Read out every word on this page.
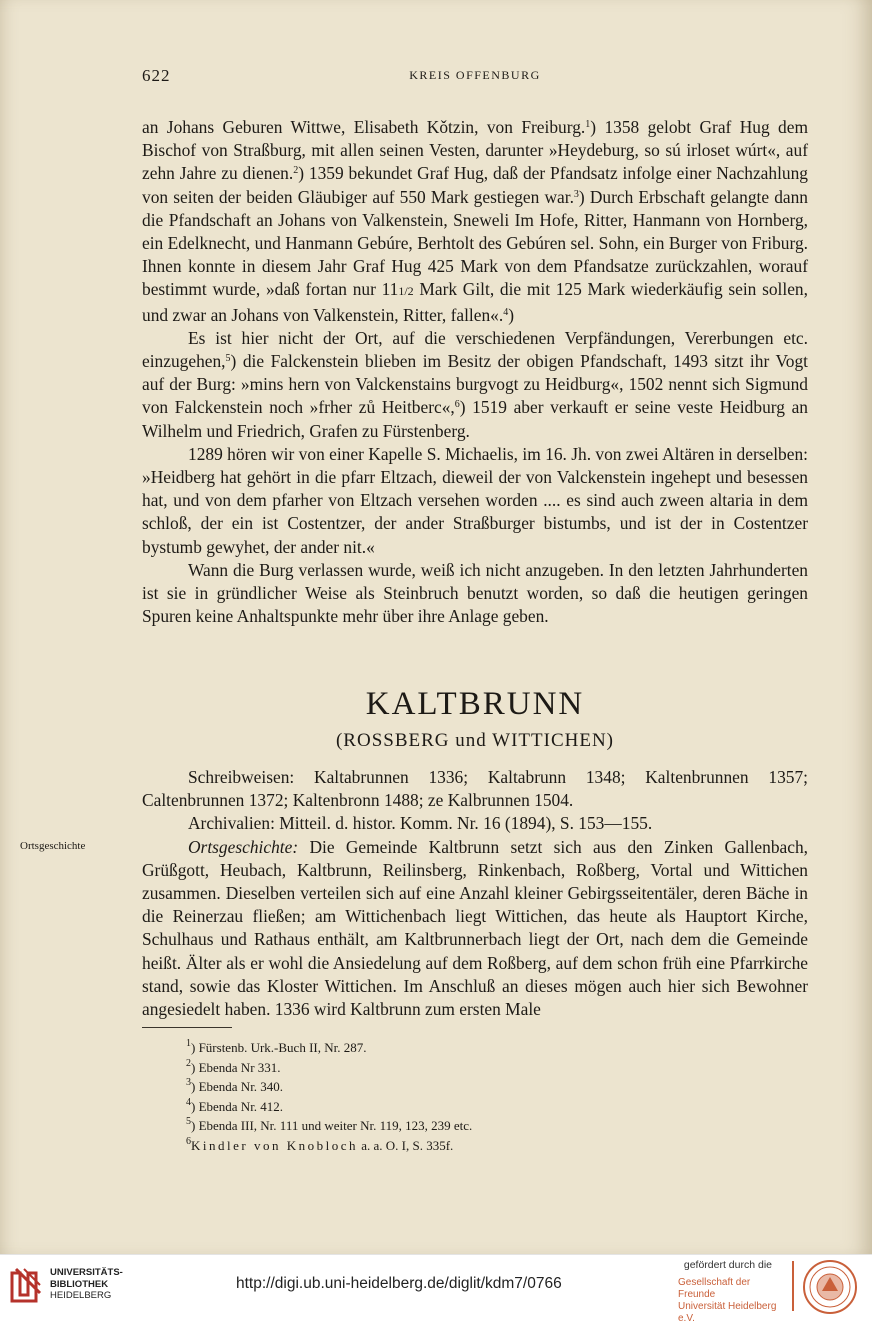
622	KREIS OFFENBURG

an Johans Geburen Wittwe, Elisabeth Kǒtzin, von Freiburg.$^1$) 1358 gelobt Graf Hug dem Bischof von Straßburg, mit allen seinen Vesten, darunter »Heydeburg, so sú irloset wúrt«, auf zehn Jahre zu dienen.$^2$) 1359 bekundet Graf Hug, daß der Pfandsatz infolge einer Nachzahlung von seiten der beiden Gläubiger auf 550 Mark gestiegen war.$^3$) Durch Erbschaft gelangte dann die Pfandschaft an Johans von Valkenstein, Sneweli Im Hofe, Ritter, Hanmann von Hornberg, ein Edelknecht, und Hanmann Gebúre, Berhtolt des Gebúren sel. Sohn, ein Burger von Friburg. Ihnen konnte in diesem Jahr Graf Hug 425 Mark von dem Pfandsatze zurückzahlen, worauf bestimmt wurde, »daß fortan nur 111/2 Mark Gilt, die mit 125 Mark wiederkäufig sein sollen, und zwar an Johans von Valkenstein, Ritter, fallen«.$^4$)

Es ist hier nicht der Ort, auf die verschiedenen Verpfändungen, Vererbungen etc. einzugehen,$^5$) die Falckenstein blieben im Besitz der obigen Pfandschaft, 1493 sitzt ihr Vogt auf der Burg: »mins hern von Valckenstains burgvogt zu Heidburg«, 1502 nennt sich Sigmund von Falckenstein noch »frher zů Heitberc«,$^6$) 1519 aber verkauft er seine veste Heidburg an Wilhelm und Friedrich, Grafen zu Fürstenberg.

1289 hören wir von einer Kapelle S. Michaelis, im 16. Jh. von zwei Altären in derselben: »Heidberg hat gehört in die pfarr Eltzach, dieweil der von Valckenstein ingehept und besessen hat, und von dem pfarher von Eltzach versehen worden .... es sind auch zween altaria in dem schloß, der ein ist Costentzer, der ander Straßburger bistumbs, und ist der in Costentzer bystumb gewyhet, der ander nit.«

Wann die Burg verlassen wurde, weiß ich nicht anzugeben. In den letzten Jahrhunderten ist sie in gründlicher Weise als Steinbruch benutzt worden, so daß die heutigen geringen Spuren keine Anhaltspunkte mehr über ihre Anlage geben.

KALTBRUNN
(ROSSBERG und WITTICHEN)

Schreibweisen: Kaltabrunnen 1336; Kaltabrunn 1348; Kaltenbrunnen 1357; Caltenbrunnen 1372; Kaltenbronn 1488; ze Kalbrunnen 1504.

Archivalien: Mitteil. d. histor. Komm. Nr. 16 (1894), S. 153—155.

Ortsgeschichte: Die Gemeinde Kaltbrunn setzt sich aus den Zinken Gallenbach, Grüßgott, Heubach, Kaltbrunn, Reilinsberg, Rinkenbach, Roßberg, Vortal und Wittichen zusammen. Dieselben verteilen sich auf eine Anzahl kleiner Gebirgsseitentäler, deren Bäche in die Reinerzau fließen; am Wittichenbach liegt Wittichen, das heute als Hauptort Kirche, Schulhaus und Rathaus enthält, am Kaltbrunnerbach liegt der Ort, nach dem die Gemeinde heißt. Älter als er wohl die Ansiedelung auf dem Roßberg, auf dem schon früh eine Pfarrkirche stand, sowie das Kloster Wittichen. Im Anschluß an dieses mögen auch hier sich Bewohner angesiedelt haben. 1336 wird Kaltbrunn zum ersten Male

Ortsgeschichte
$^1$) Fürstenb. Urk.-Buch II, Nr. 287.
$^2$) Ebenda Nr 331.
$^3$) Ebenda Nr. 340.
$^4$) Ebenda Nr. 412.
$^5$) Ebenda III, Nr. 111 und weiter Nr. 119, 123, 239 etc.
$^6$Kindler von Knobloch a. a. O. I, S. 335f.
UNIVERSITÄTS-
BIBLIOTHEK
HEIDELBERG
http://digi.ub.uni-heidelberg.de/diglit/kdm7/0766
gefördert durch die
Gesellschaft der Freunde
Universität Heidelberg e.V.
